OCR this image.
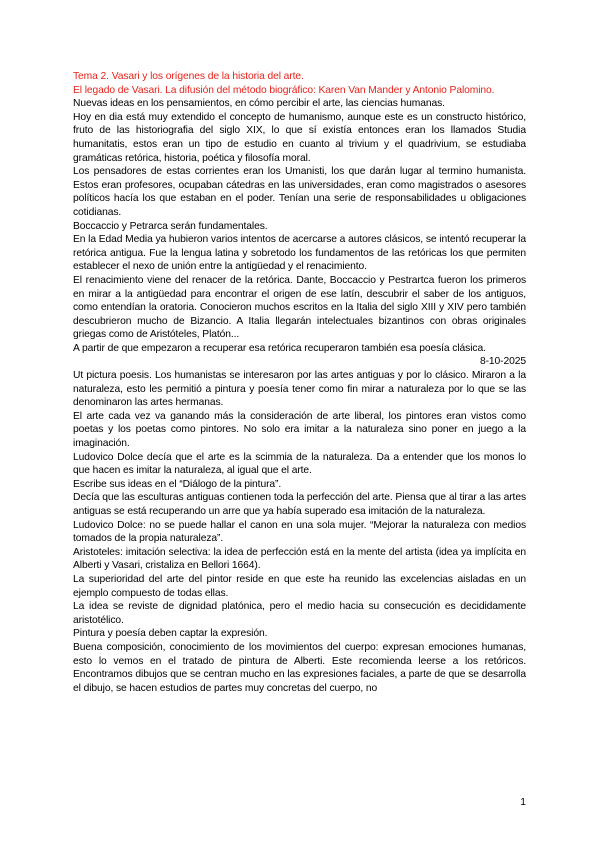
Tema 2. Vasari y los orígenes de la historia del arte.

El legado de Vasari. La difusión del método biográfico: Karen Van Mander y Antonio Palomino.

Nuevas ideas en los pensamientos, en cómo percibir el arte, las ciencias humanas.

Hoy en dia está muy extendido el concepto de humanismo, aunque este es un constructo histórico, fruto de las historiografia del siglo XIX, lo que sí existía entonces eran los llamados Studia humanitatis, estos eran un tipo de estudio en cuanto al trivium y el quadrivium, se estudiaba gramáticas retórica, historia, poética y filosofía moral.

Los pensadores de estas corrientes eran los Umanisti, los que darán lugar al termino humanista. Estos eran profesores, ocupaban cátedras en las universidades, eran como magistrados o asesores políticos hacía los que estaban en el poder. Tenían una serie de responsabilidades u obligaciones cotidianas.

Boccaccio y Petrarca serán fundamentales.

En la Edad Media ya hubieron varios intentos de acercarse a autores clásicos, se intentó recuperar la retórica antigua. Fue la lengua latina y sobretodo los fundamentos de las retóricas los que permiten establecer el nexo de unión entre la antigüedad y el renacimiento.

El renacimiento viene del renacer de la retórica. Dante, Boccaccio y Pestrartca fueron los primeros en mirar a la antigüedad para encontrar el origen de ese latín, descubrir el saber de los antiguos, como entendían la oratoria. Conocieron muchos escritos en la Italia del siglo XIII y XIV pero también descubrieron mucho de Bizancio. A Italia llegarán intelectuales bizantinos con obras originales griegas como de Aristóteles, Platón...

A partir de que empezaron a recuperar esa retórica recuperaron también esa poesía clásica.

8-10-2025

Ut pictura poesis. Los humanistas se interesaron por las artes antiguas y por lo clásico. Miraron a la naturaleza, esto les permitió a pintura y poesía tener como fin mirar a naturaleza por lo que se las denominaron las artes hermanas.

El arte cada vez va ganando más la consideración de arte liberal, los pintores eran vistos como poetas y los poetas como pintores. No solo era imitar a la naturaleza sino poner en juego a la imaginación.

Ludovico Dolce decía que el arte es la scimmia de la naturaleza. Da a entender que los monos lo que hacen es imitar la naturaleza, al igual que el arte.

Escribe sus ideas en el “Diálogo de la pintura”.

Decía que las esculturas antiguas contienen toda la perfección del arte. Piensa que al tirar a las artes antiguas se está recuperando un arre que ya había superado esa imitación de la naturaleza.

Ludovico Dolce: no se puede hallar el canon en una sola mujer. “Mejorar la naturaleza con medios tomados de la propia naturaleza”.

Aristoteles: imitación selectiva: la idea de perfección está en la mente del artista (idea ya implícita en Alberti y Vasari, cristaliza en Bellori 1664).

La superioridad del arte del pintor reside en que este ha reunido las excelencias aisladas en un ejemplo compuesto de todas ellas.

La idea se reviste de dignidad platónica, pero el medio hacia su consecución es decididamente aristotélico.

Pintura y poesía deben captar la expresión.

Buena composición, conocimiento de los movimientos del cuerpo: expresan emociones humanas, esto lo vemos en el tratado de pintura de Alberti. Este recomienda leerse a los retóricos. Encontramos dibujos que se centran mucho en las expresiones faciales, a parte de que se desarrolla el dibujo, se hacen estudios de partes muy concretas del cuerpo, no

1
